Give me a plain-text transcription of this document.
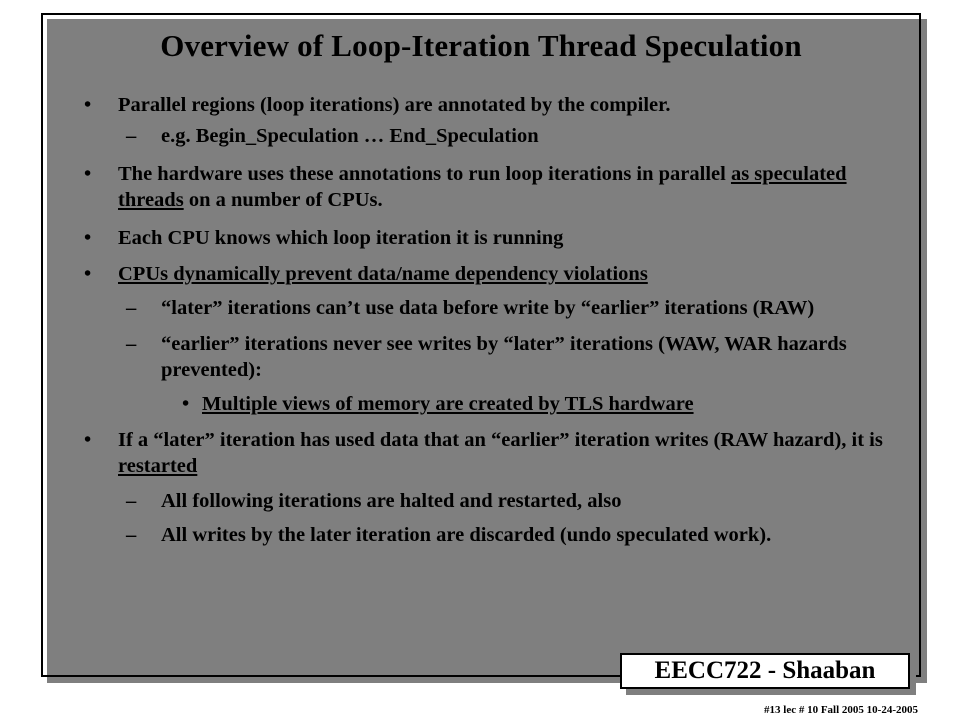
Overview of Loop-Iteration Thread Speculation

• Parallel regions (loop iterations) are annotated by the compiler.

– e.g. Begin_Speculation … End_Speculation

• The hardware uses these annotations to run loop iterations in parallel as speculated threads on a number of CPUs.

• Each CPU knows which loop iteration it is running

• CPUs dynamically prevent data/name dependency violations

– “later” iterations can’t use data before write by “earlier” iterations (RAW)

– “earlier” iterations never see writes by “later” iterations (WAW, WAR hazards prevented):

• Multiple views of memory are created by TLS hardware

• If a “later” iteration has used data that an “earlier” iteration writes (RAW hazard), it is restarted

– All following iterations are halted and restarted, also

– All writes by the later iteration are discarded (undo speculated work).

EECC722 - Shaaban
#13 lec # 10 Fall 2005 10-24-2005
